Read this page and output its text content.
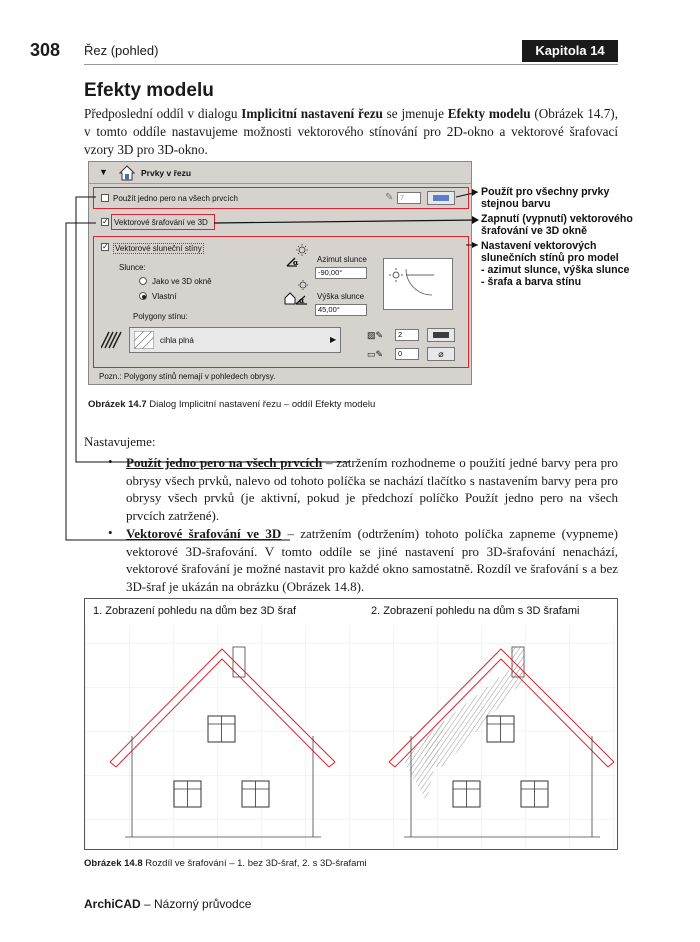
308 Řez (pohled)	Kapitola 14
Efekty modelu
Předposlední oddíl v dialogu Implicitní nastavení řezu se jmenuje Efekty modelu (Obrázek 14.7), v tomto oddíle nastavujeme možnosti vektorového stínování pro 2D-okno a vektorové šrafovací vzory 3D pro 3D-okno.
▼	Prvky v řezu
Použít jedno pero na všech prvcích	✎ 7
✓ Vektorové šrafování ve 3D
✓ Vektorové sluneční stíny
Slunce:
Jako ve 3D okně
Vlastní
α Azimut slunce
-90,00°
α Výška slunce
45,00°
Polygony stínu:
cihla plná	▶	▨✎	2
▭✎	0	⌀
Pozn.: Polygony stínů nemají v pohledech obrysy.
Použít pro všechny prvky
stejnou barvu
Zapnutí (vypnutí) vektorového
šrafování ve 3D okně
Nastavení vektorových
slunečních stínů pro model
- azimut slunce, výška slunce
- šrafa a barva stínu
Obrázek 14.7 Dialog Implicitní nastavení řezu – oddíl Efekty modelu
Nastavujeme:
• Použít jedno pero na všech prvcích – zatržením rozhodneme o použití jedné barvy pera pro obrysy všech prvků, nalevo od tohoto políčka se nachází tlačítko s nastavením barvy pera pro obrysy všech prvků (je aktivní, pokud je předchozí políčko Použít jedno pero na všech prvcích zatržené).
• Vektorové šrafování ve 3D – zatržením (odtržením) tohoto políčka zapneme (vypneme) vektorové 3D-šrafování. V tomto oddíle se jiné nastavení pro 3D-šrafování nenachází, vektorové šrafování je možné nastavit pro každé okno samostatně. Rozdíl ve šrafování s a bez 3D-šraf je ukázán na obrázku (Obrázek 14.8).
1. Zobrazení pohledu na dům bez 3D šraf	2. Zobrazení pohledu na dům s 3D šrafami
Obrázek 14.8 Rozdíl ve šrafování – 1. bez 3D-šraf, 2. s 3D-šrafami
ArchiCAD – Názorný průvodce
